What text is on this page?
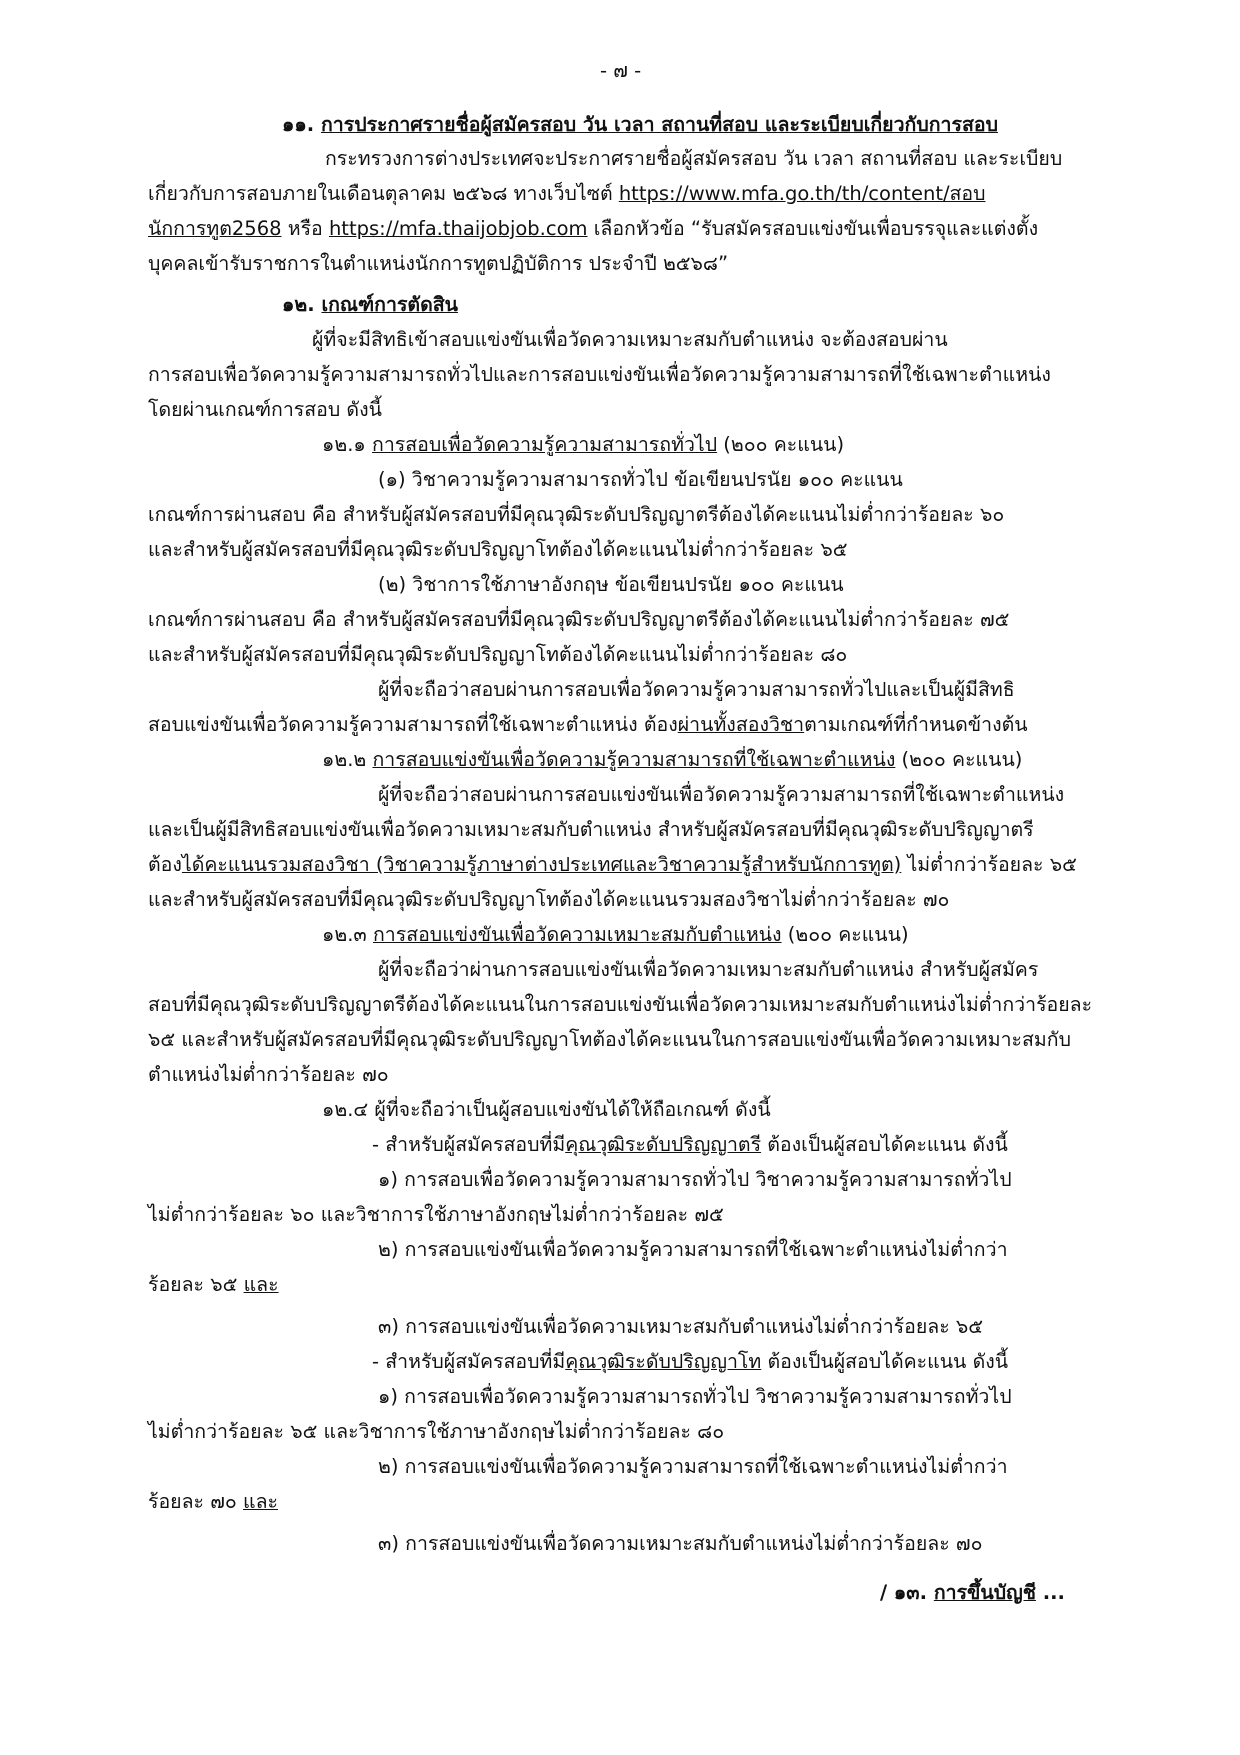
- ๗ -
๑๑. การประกาศรายชื่อผู้สมัครสอบ วัน เวลา สถานที่สอบ และระเบียบเกี่ยวกับการสอบ
กระทรวงการต่างประเทศจะประกาศรายชื่อผู้สมัครสอบ วัน เวลา สถานที่สอบ และระเบียบ
เกี่ยวกับการสอบภายในเดือนตุลาคม ๒๕๖๘ ทางเว็บไซต์ https://www.mfa.go.th/th/content/สอบ
นักการทูต2568 หรือ https://mfa.thaijobjob.com เลือกหัวข้อ “รับสมัครสอบแข่งขันเพื่อบรรจุและแต่งตั้ง
บุคคลเข้ารับราชการในตำแหน่งนักการทูตปฏิบัติการ ประจำปี ๒๕๖๘”
๑๒. เกณฑ์การตัดสิน
ผู้ที่จะมีสิทธิเข้าสอบแข่งขันเพื่อวัดความเหมาะสมกับตำแหน่ง จะต้องสอบผ่าน
การสอบเพื่อวัดความรู้ความสามารถทั่วไปและการสอบแข่งขันเพื่อวัดความรู้ความสามารถที่ใช้เฉพาะตำแหน่ง
โดยผ่านเกณฑ์การสอบ ดังนี้
๑๒.๑ การสอบเพื่อวัดความรู้ความสามารถทั่วไป (๒๐๐ คะแนน)
(๑) วิชาความรู้ความสามารถทั่วไป ข้อเขียนปรนัย ๑๐๐ คะแนน
เกณฑ์การผ่านสอบ คือ สำหรับผู้สมัครสอบที่มีคุณวุฒิระดับปริญญาตรีต้องได้คะแนนไม่ต่ำกว่าร้อยละ ๖๐
และสำหรับผู้สมัครสอบที่มีคุณวุฒิระดับปริญญาโทต้องได้คะแนนไม่ต่ำกว่าร้อยละ ๖๕
(๒) วิชาการใช้ภาษาอังกฤษ ข้อเขียนปรนัย ๑๐๐ คะแนน
เกณฑ์การผ่านสอบ คือ สำหรับผู้สมัครสอบที่มีคุณวุฒิระดับปริญญาตรีต้องได้คะแนนไม่ต่ำกว่าร้อยละ ๗๕
และสำหรับผู้สมัครสอบที่มีคุณวุฒิระดับปริญญาโทต้องได้คะแนนไม่ต่ำกว่าร้อยละ ๘๐
ผู้ที่จะถือว่าสอบผ่านการสอบเพื่อวัดความรู้ความสามารถทั่วไปและเป็นผู้มีสิทธิ
สอบแข่งขันเพื่อวัดความรู้ความสามารถที่ใช้เฉพาะตำแหน่ง ต้องผ่านทั้งสองวิชาตามเกณฑ์ที่กำหนดข้างต้น
๑๒.๒ การสอบแข่งขันเพื่อวัดความรู้ความสามารถที่ใช้เฉพาะตำแหน่ง (๒๐๐ คะแนน)
ผู้ที่จะถือว่าสอบผ่านการสอบแข่งขันเพื่อวัดความรู้ความสามารถที่ใช้เฉพาะตำแหน่ง
และเป็นผู้มีสิทธิสอบแข่งขันเพื่อวัดความเหมาะสมกับตำแหน่ง สำหรับผู้สมัครสอบที่มีคุณวุฒิระดับปริญญาตรี
ต้องได้คะแนนรวมสองวิชา (วิชาความรู้ภาษาต่างประเทศและวิชาความรู้สำหรับนักการทูต) ไม่ต่ำกว่าร้อยละ ๖๕
และสำหรับผู้สมัครสอบที่มีคุณวุฒิระดับปริญญาโทต้องได้คะแนนรวมสองวิชาไม่ต่ำกว่าร้อยละ ๗๐
๑๒.๓ การสอบแข่งขันเพื่อวัดความเหมาะสมกับตำแหน่ง (๒๐๐ คะแนน)
ผู้ที่จะถือว่าผ่านการสอบแข่งขันเพื่อวัดความเหมาะสมกับตำแหน่ง สำหรับผู้สมัคร
สอบที่มีคุณวุฒิระดับปริญญาตรีต้องได้คะแนนในการสอบแข่งขันเพื่อวัดความเหมาะสมกับตำแหน่งไม่ต่ำกว่าร้อยละ
๖๕ และสำหรับผู้สมัครสอบที่มีคุณวุฒิระดับปริญญาโทต้องได้คะแนนในการสอบแข่งขันเพื่อวัดความเหมาะสมกับ
ตำแหน่งไม่ต่ำกว่าร้อยละ ๗๐
๑๒.๔ ผู้ที่จะถือว่าเป็นผู้สอบแข่งขันได้ให้ถือเกณฑ์ ดังนี้
- สำหรับผู้สมัครสอบที่มีคุณวุฒิระดับปริญญาตรี ต้องเป็นผู้สอบได้คะแนน ดังนี้
๑) การสอบเพื่อวัดความรู้ความสามารถทั่วไป วิชาความรู้ความสามารถทั่วไป
ไม่ต่ำกว่าร้อยละ ๖๐ และวิชาการใช้ภาษาอังกฤษไม่ต่ำกว่าร้อยละ ๗๕
๒) การสอบแข่งขันเพื่อวัดความรู้ความสามารถที่ใช้เฉพาะตำแหน่งไม่ต่ำกว่า
ร้อยละ ๖๕ และ
๓) การสอบแข่งขันเพื่อวัดความเหมาะสมกับตำแหน่งไม่ต่ำกว่าร้อยละ ๖๕
- สำหรับผู้สมัครสอบที่มีคุณวุฒิระดับปริญญาโท ต้องเป็นผู้สอบได้คะแนน ดังนี้
๑) การสอบเพื่อวัดความรู้ความสามารถทั่วไป วิชาความรู้ความสามารถทั่วไป
ไม่ต่ำกว่าร้อยละ ๖๕ และวิชาการใช้ภาษาอังกฤษไม่ต่ำกว่าร้อยละ ๘๐
๒) การสอบแข่งขันเพื่อวัดความรู้ความสามารถที่ใช้เฉพาะตำแหน่งไม่ต่ำกว่า
ร้อยละ ๗๐ และ
๓) การสอบแข่งขันเพื่อวัดความเหมาะสมกับตำแหน่งไม่ต่ำกว่าร้อยละ ๗๐
/ ๑๓. การขึ้นบัญชี ...
